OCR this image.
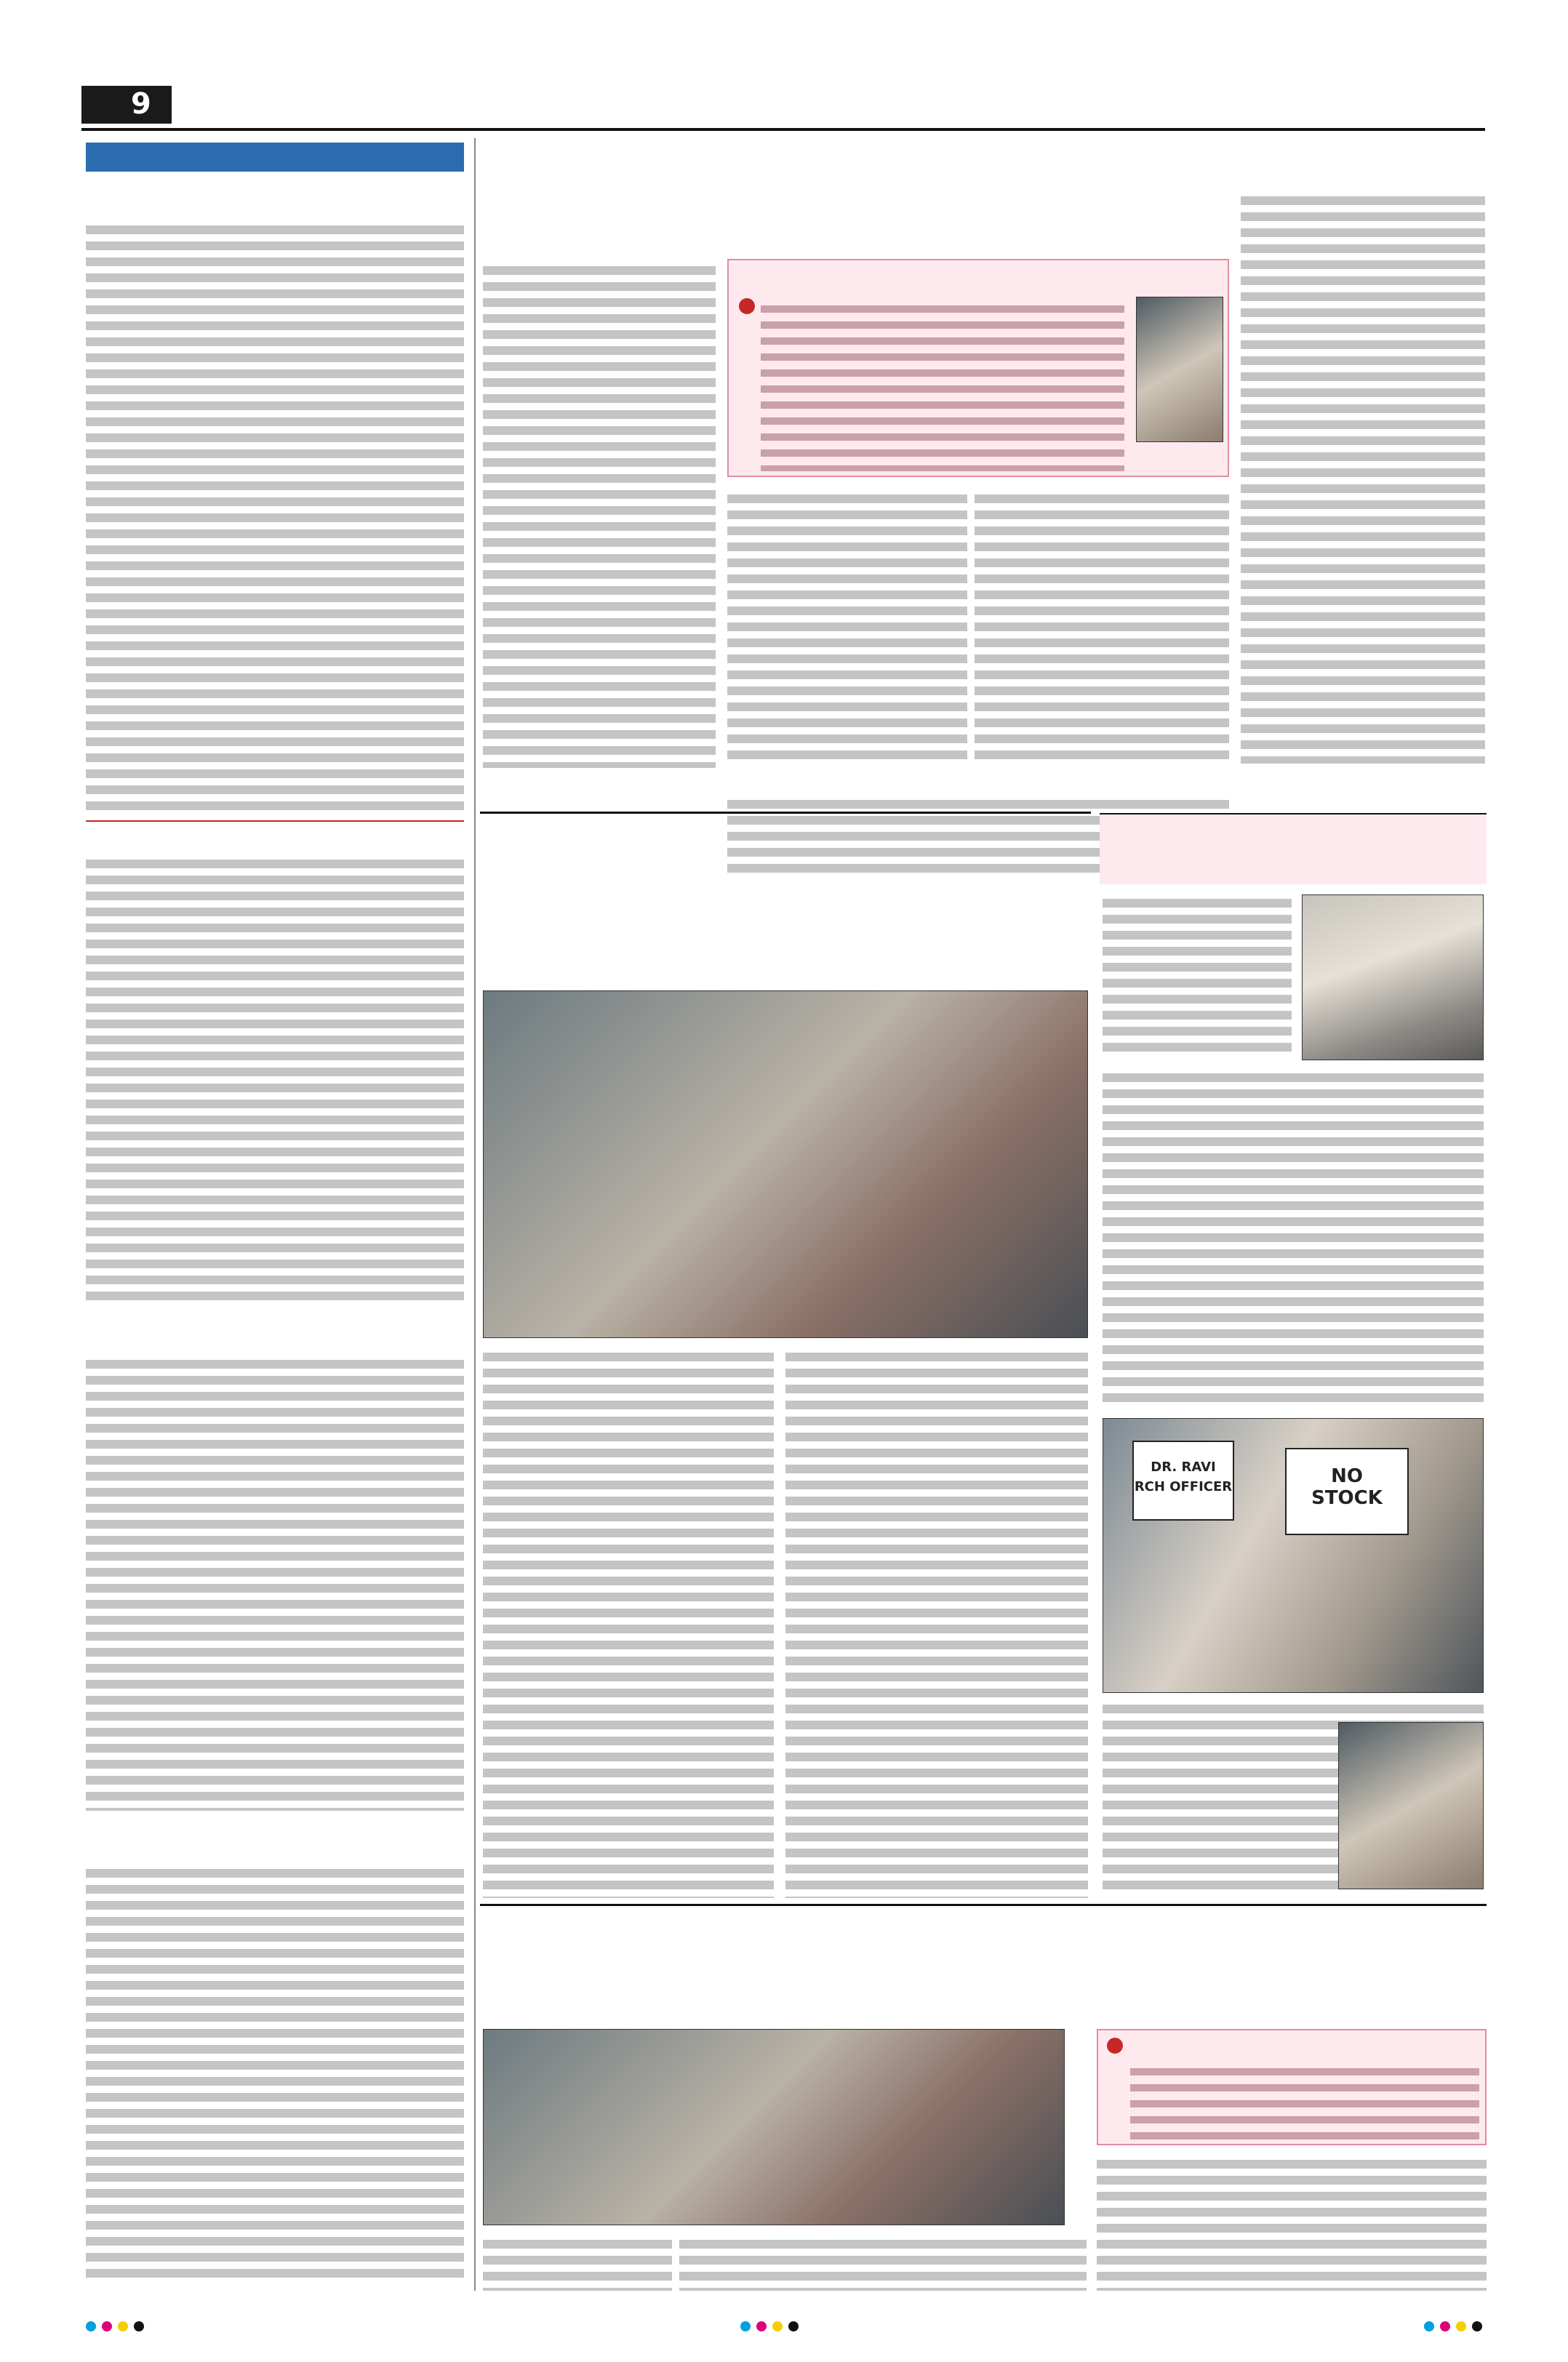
9
DR. RAVI
RCH OFFICER	NO
STOCK
